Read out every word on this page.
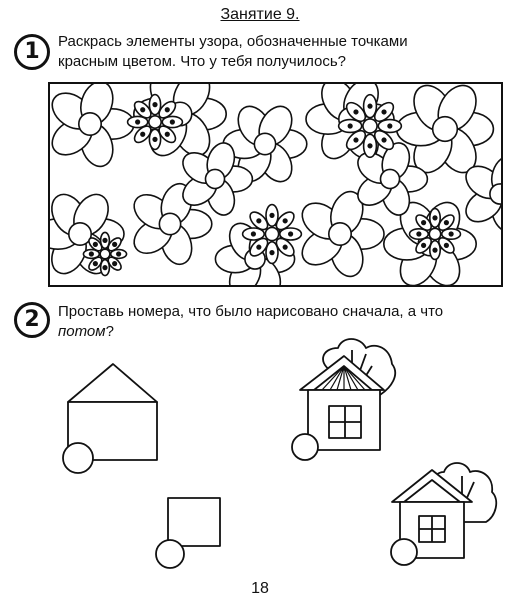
Занятие 9.
1	Раскрась элементы узора, обозначенные точками
красным цветом. Что у тебя получилось?
2	Проставь номера, что было нарисовано сначала, а что
потом?
18
